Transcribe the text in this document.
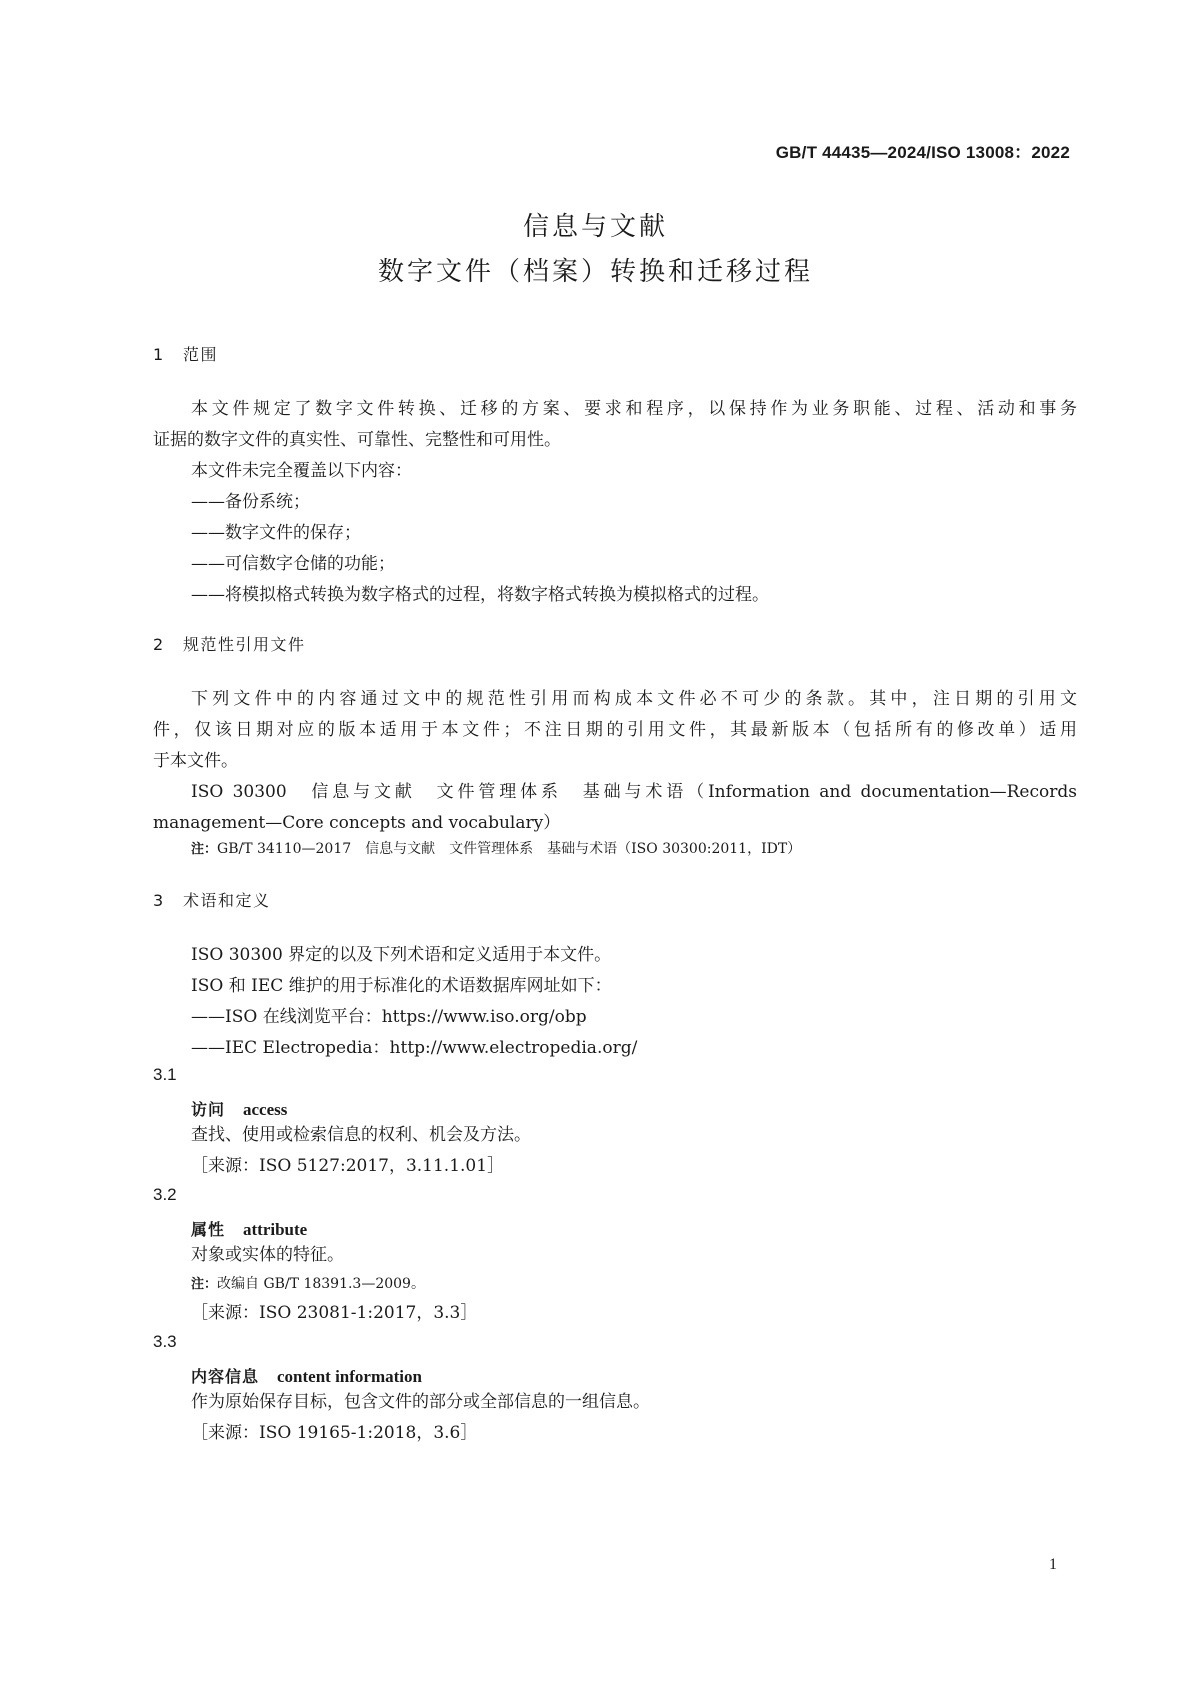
GB/T 44435—2024/ISO 13008：2022
信息与文献
数字文件（档案）转换和迁移过程
1 范围
本文件规定了数字文件转换、迁移的方案、要求和程序，以保持作为业务职能、过程、活动和事务
证据的数字文件的真实性、可靠性、完整性和可用性。
本文件未完全覆盖以下内容：
——备份系统；
——数字文件的保存；
——可信数字仓储的功能；
——将模拟格式转换为数字格式的过程，将数字格式转换为模拟格式的过程。
2 规范性引用文件
下列文件中的内容通过文中的规范性引用而构成本文件必不可少的条款。其中，注日期的引用文
件，仅该日期对应的版本适用于本文件；不注日期的引用文件，其最新版本（包括所有的修改单）适用
于本文件。
ISO 30300　信息与文献　文件管理体系　基础与术语（Information and documentation—Records
management—Core concepts and vocabulary）
注：GB/T 34110—2017　信息与文献　文件管理体系　基础与术语（ISO 30300:2011，IDT）
3 术语和定义
ISO 30300 界定的以及下列术语和定义适用于本文件。
ISO 和 IEC 维护的用于标准化的术语数据库网址如下：
——ISO 在线浏览平台：https://www.iso.org/obp
——IEC Electropedia：http://www.electropedia.org/
3.1
访问 access
查找、使用或检索信息的权利、机会及方法。
［来源：ISO 5127:2017，3.11.1.01］
3.2
属性 attribute
对象或实体的特征。
注：改编自 GB/T 18391.3—2009。
［来源：ISO 23081-1:2017，3.3］
3.3
内容信息 content information
作为原始保存目标，包含文件的部分或全部信息的一组信息。
［来源：ISO 19165-1:2018，3.6］
1
